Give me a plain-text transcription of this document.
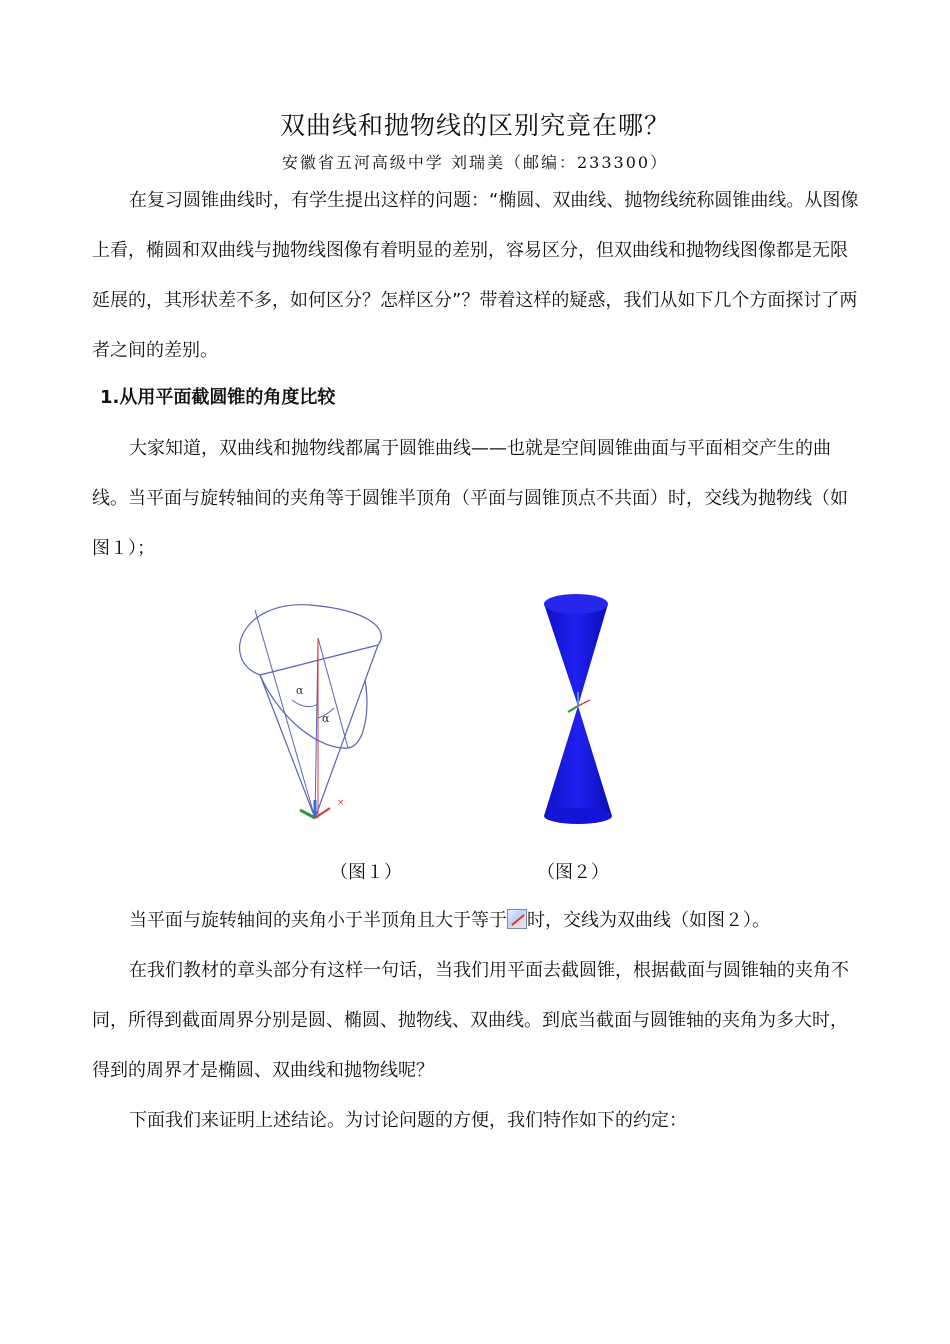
双曲线和抛物线的区别究竟在哪？
安徽省五河高级中学 刘瑞美（邮编：233300）

在复习圆锥曲线时，有学生提出这样的问题：“椭圆、双曲线、抛物线统称圆锥曲线。从图像上看，椭圆和双曲线与抛物线图像有着明显的差别，容易区分，但双曲线和抛物线图像都是无限延展的，其形状差不多，如何区分？怎样区分”？带着这样的疑惑，我们从如下几个方面探讨了两者之间的差别。

1.从用平面截圆锥的角度比较

大家知道，双曲线和抛物线都属于圆锥曲线——也就是空间圆锥曲面与平面相交产生的曲线。当平面与旋转轴间的夹角等于圆锥半顶角（平面与圆锥顶点不共面）时，交线为抛物线（如图１）；

α
α
×
（图１）	（图２）

当平面与旋转轴间的夹角小于半顶角且大于等于 时，交线为双曲线（如图２）。

在我们教材的章头部分有这样一句话，当我们用平面去截圆锥，根据截面与圆锥轴的夹角不同，所得到截面周界分别是圆、椭圆、抛物线、双曲线。到底当截面与圆锥轴的夹角为多大时，得到的周界才是椭圆、双曲线和抛物线呢？

下面我们来证明上述结论。为讨论问题的方便，我们特作如下的约定：
